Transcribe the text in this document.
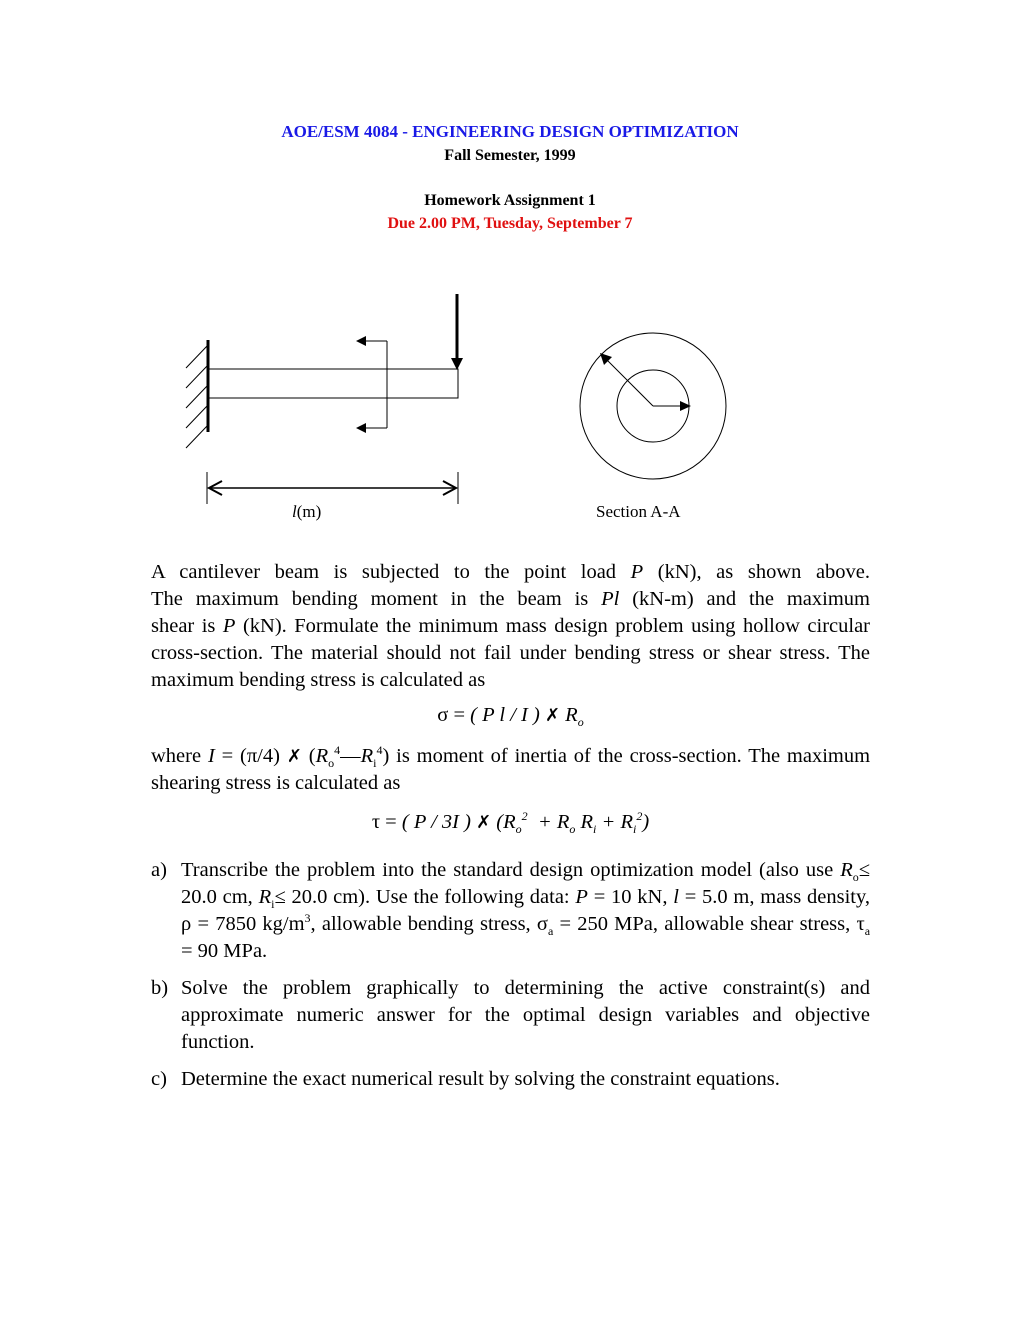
AOE/ESM 4084 - ENGINEERING DESIGN OPTIMIZATION
Fall Semester, 1999
Homework Assignment 1
Due 2.00 PM, Tuesday, September 7
l(m)	Section A-A
A cantilever beam is subjected to the point load P (kN), as shown above.
The maximum bending moment in the beam is Pl (kN-m) and the maximum
shear is P (kN). Formulate the minimum mass design problem using hollow circular cross-section. The material should not fail under bending stress or shear stress. The maximum bending stress is calculated as
σ = ( P l / I ) ✗ $R_o$
where I = (π/4) ✗ $(R_o^4—R_i^4)$ is moment of inertia of the cross-section. The maximum shearing stress is calculated as
τ = ( P / 3I ) ✗ ($R_o^2 + R_o$ $R_i + R_i^2$)
a) Transcribe the problem into the standard design optimization model (also use $R_o\le 20.0$ cm, $R_i\le 20.0$ cm). Use the following data: P = 10 kN, l = 5.0 m, mass density, ρ = 7850 $kg/m^3$, allowable bending stress, $\sigma_a = 250$ MPa, allowable shear stress, $\tau_a = 90$ MPa.
b) Solve the problem graphically to determining the active constraint(s) and approximate numeric answer for the optimal design variables and objective function.
c) Determine the exact numerical result by solving the constraint equations.
